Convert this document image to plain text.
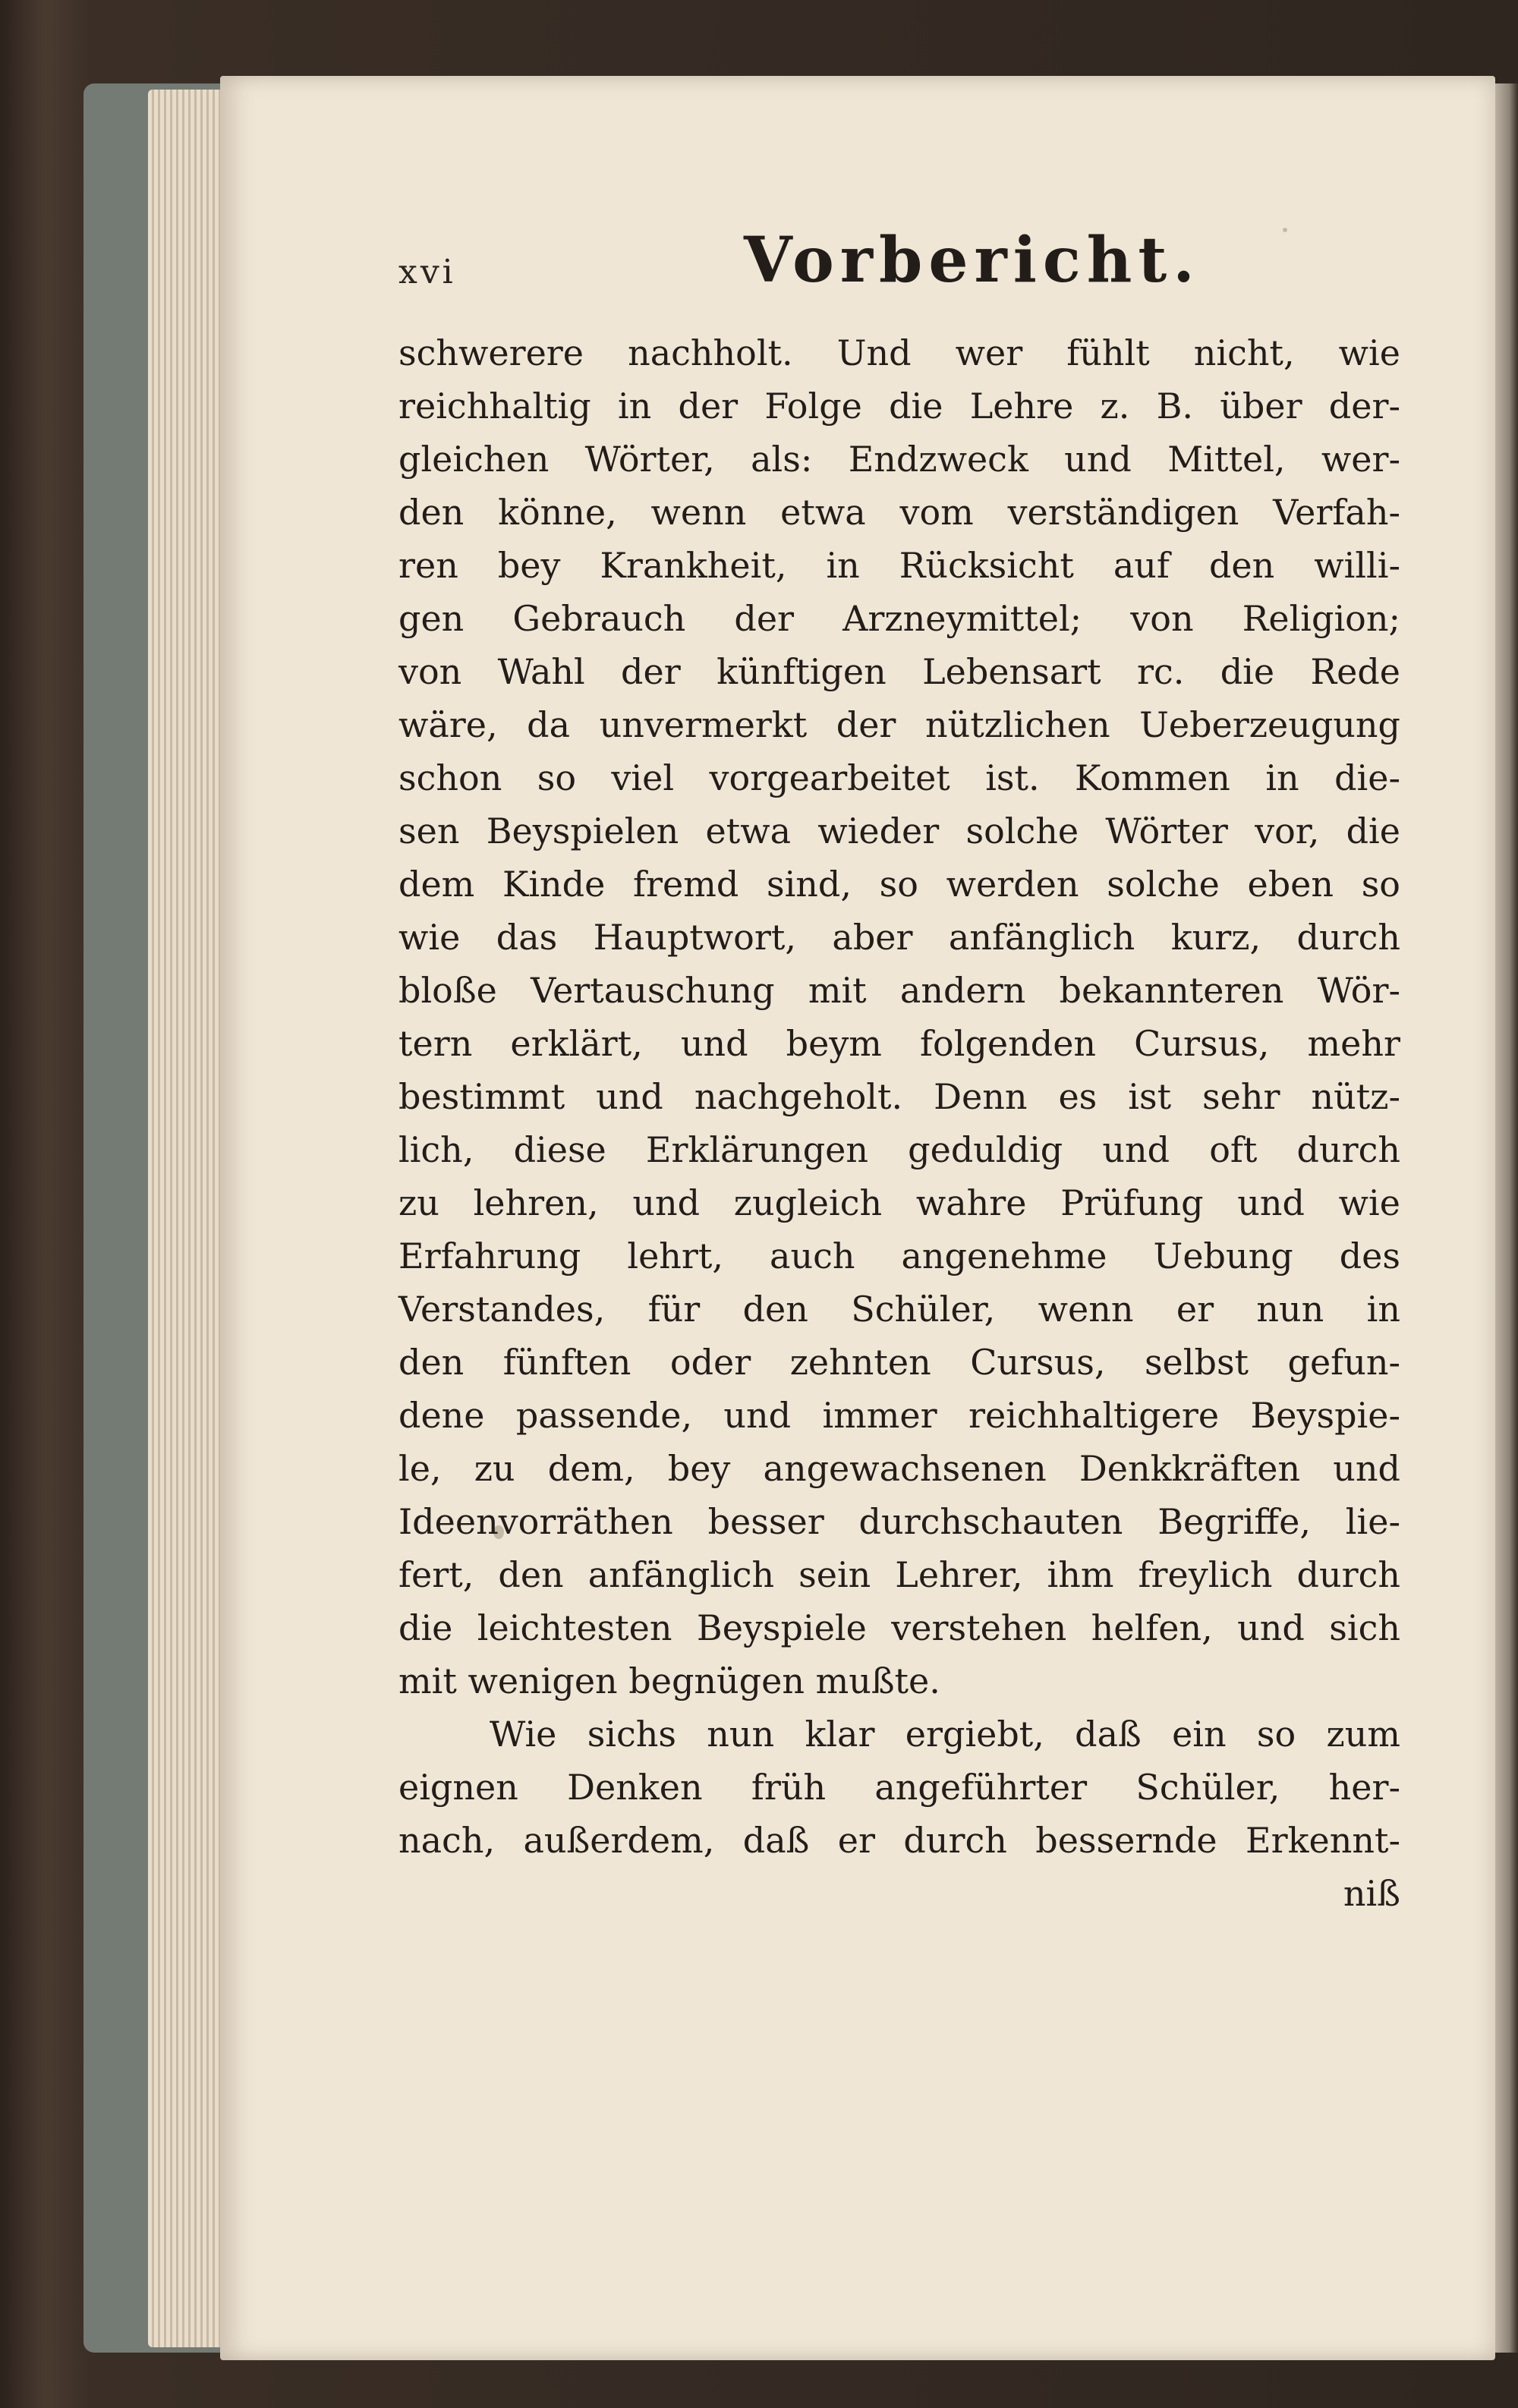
xvi	Vorbericht.
schwerere nachholt. Und wer fühlt nicht, wie
reichhaltig in der Folge die Lehre z. B. über der-
gleichen Wörter, als: Endzweck und Mittel, wer-
den könne, wenn etwa vom verständigen Verfah-
ren bey Krankheit, in Rücksicht auf den willi-
gen Gebrauch der Arzneymittel; von Religion;
von Wahl der künftigen Lebensart rc. die Rede
wäre, da unvermerkt der nützlichen Ueberzeugung
schon so viel vorgearbeitet ist. Kommen in die-
sen Beyspielen etwa wieder solche Wörter vor, die
dem Kinde fremd sind, so werden solche eben so
wie das Hauptwort, aber anfänglich kurz, durch
bloße Vertauschung mit andern bekannteren Wör-
tern erklärt, und beym folgenden Cursus, mehr
bestimmt und nachgeholt. Denn es ist sehr nütz-
lich, diese Erklärungen geduldig und oft durch
zu lehren, und zugleich wahre Prüfung und wie
Erfahrung lehrt, auch angenehme Uebung des
Verstandes, für den Schüler, wenn er nun in
den fünften oder zehnten Cursus, selbst gefun-
dene passende, und immer reichhaltigere Beyspie-
le, zu dem, bey angewachsenen Denkkräften und
Ideenvorräthen besser durchschauten Begriffe, lie-
fert, den anfänglich sein Lehrer, ihm freylich durch
die leichtesten Beyspiele verstehen helfen, und sich
mit wenigen begnügen mußte.
Wie sichs nun klar ergiebt, daß ein so zum
eignen Denken früh angeführter Schüler, her-
nach, außerdem, daß er durch bessernde Erkennt-
niß
